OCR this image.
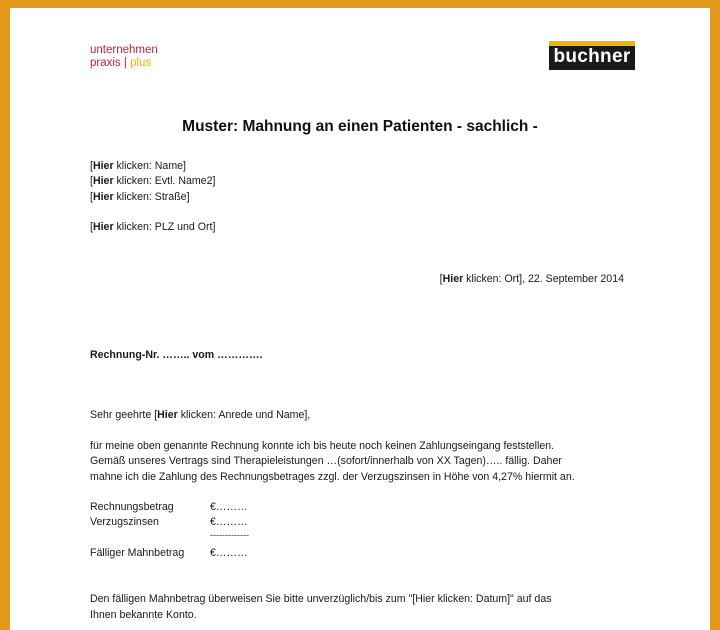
unternehmen
praxis | plus	buchner
Muster: Mahnung an einen Patienten - sachlich -
[Hier klicken: Name]
[Hier klicken: Evtl. Name2]
[Hier klicken: Straße]
[Hier klicken: PLZ und Ort]
[Hier klicken: Ort], 22. September 2014
Rechnung-Nr. …….. vom ………….
Sehr geehrte [Hier klicken: Anrede und Name],
für meine oben genannte Rechnung konnte ich bis heute noch keinen Zahlungseingang feststellen.
Gemäß unseres Vertrags sind Therapieleistungen …(sofort/innerhalb von XX Tagen)….. fällig. Daher
mahne ich die Zahlung des Rechnungsbetrages zzgl. der Verzugszinsen in Höhe von 4,27% hiermit an.
Rechnungsbetrag	€………
Verzugszinsen	€………
-------------
Fälliger Mahnbetrag €………
Den fälligen Mahnbetrag überweisen Sie bitte unverzüglich/bis zum "[Hier klicken: Datum]" auf das
Ihnen bekannte Konto.
